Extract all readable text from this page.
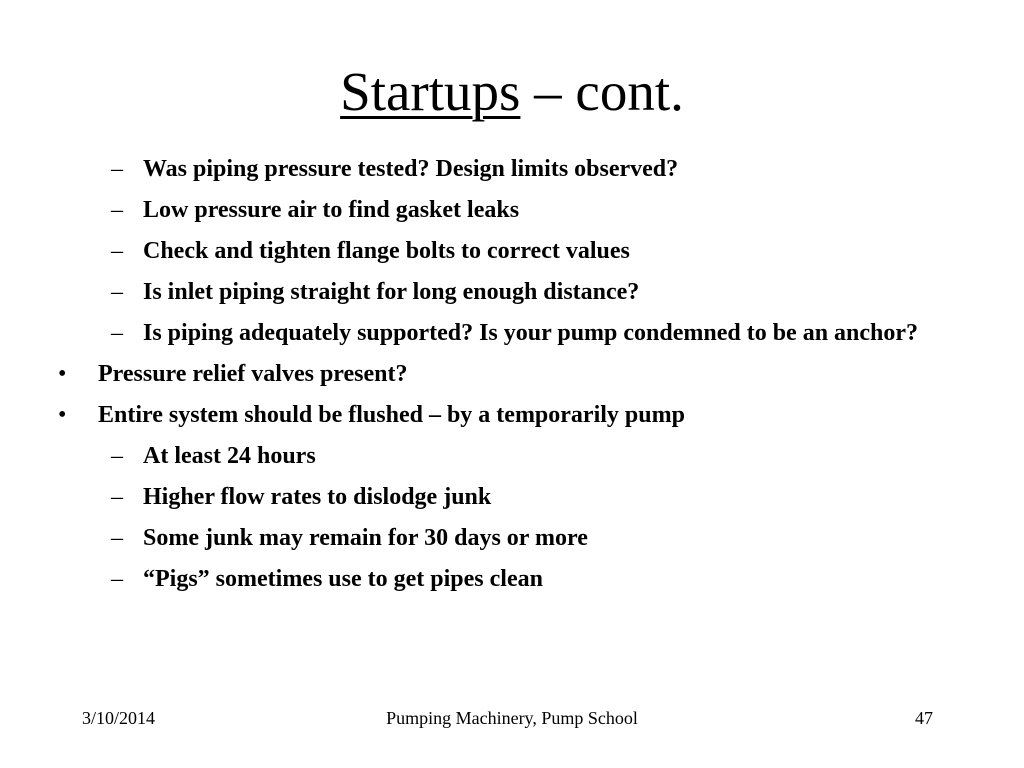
Startups – cont.
– Was piping pressure tested? Design limits observed?
– Low pressure air to find gasket leaks
– Check and tighten flange bolts to correct values
– Is inlet piping straight for long enough distance?
– Is piping adequately supported? Is your pump condemned to be an anchor?
• Pressure relief valves present?
• Entire system should be flushed – by a temporarily pump
– At least 24 hours
– Higher flow rates to dislodge junk
– Some junk may remain for 30 days or more
– “Pigs” sometimes use to get pipes clean
3/10/2014	Pumping Machinery, Pump School	47
